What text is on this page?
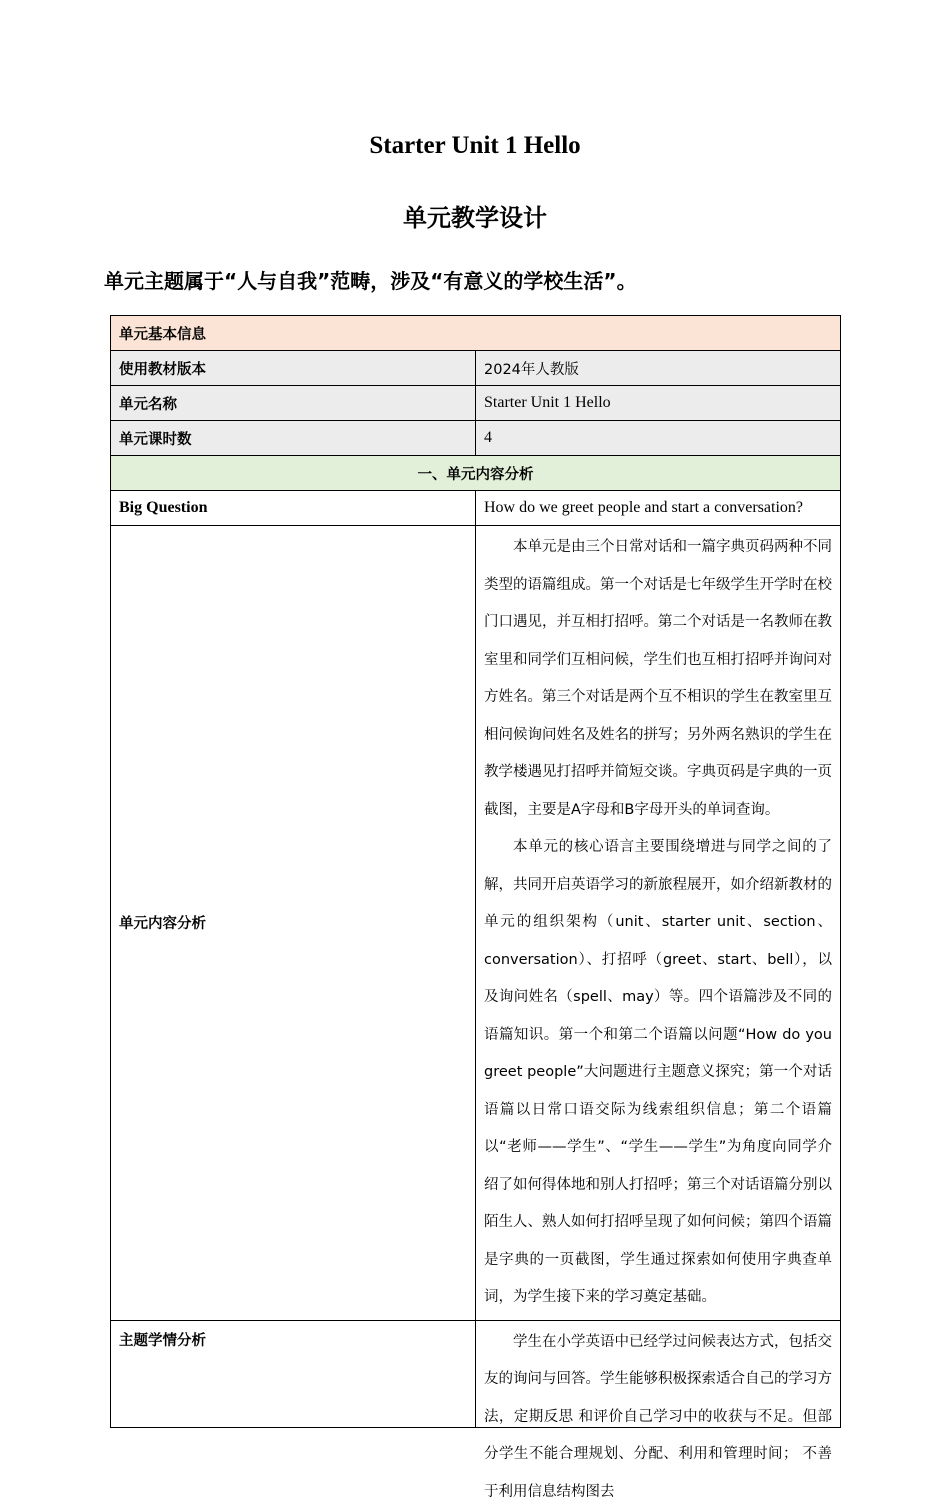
Starter Unit 1 Hello
单元教学设计
单元主题属于“人与自我”范畴，涉及“有意义的学校生活”。
单元基本信息	
使用教材版本	2024年人教版
单元名称	Starter Unit 1 Hello
单元课时数	4
一、单元内容分析	
Big Question	How do we greet people and start a conversation?
单元内容分析	本单元是由三个日常对话和一篇字典页码两种不同类型的语篇组成。第一个对话是七年级学生开学时在校门口遇见，并互相打招呼。第二个对话是一名教师在教室里和同学们互相问候，学生们也互相打招呼并询问对方姓名。第三个对话是两个互不相识的学生在教室里互相问候询问姓名及姓名的拼写；另外两名熟识的学生在教学楼遇见打招呼并简短交谈。字典页码是字典的一页截图，主要是A字母和B字母开头的单词查询。

本单元的核心语言主要围绕增进与同学之间的了解，共同开启英语学习的新旅程展开，如介绍新教材的单元的组织架构（unit、starter unit、section、conversation）、打招呼（greet、start、bell），以及询问姓名（spell、may）等。四个语篇涉及不同的语篇知识。第一个和第二个语篇以问题“How do you greet people”大问题进行主题意义探究；第一个对话语篇以日常口语交际为线索组织信息；第二个语篇以“老师——学生”、“学生——学生”为角度向同学介绍了如何得体地和别人打招呼；第三个对话语篇分别以陌生人、熟人如何打招呼呈现了如何问候；第四个语篇是字典的一页截图，学生通过探索如何使用字典查单词，为学生接下来的学习奠定基础。

主题学情分析	学生在小学英语中已经学过问候表达方式，包括交友的询问与回答。学生能够积极探索适合自己的学习方法，定期反思 和评价自己学习中的收获与不足。但部分学生不能合理规划、分配、利用和管理时间； 不善于利用信息结构图去
